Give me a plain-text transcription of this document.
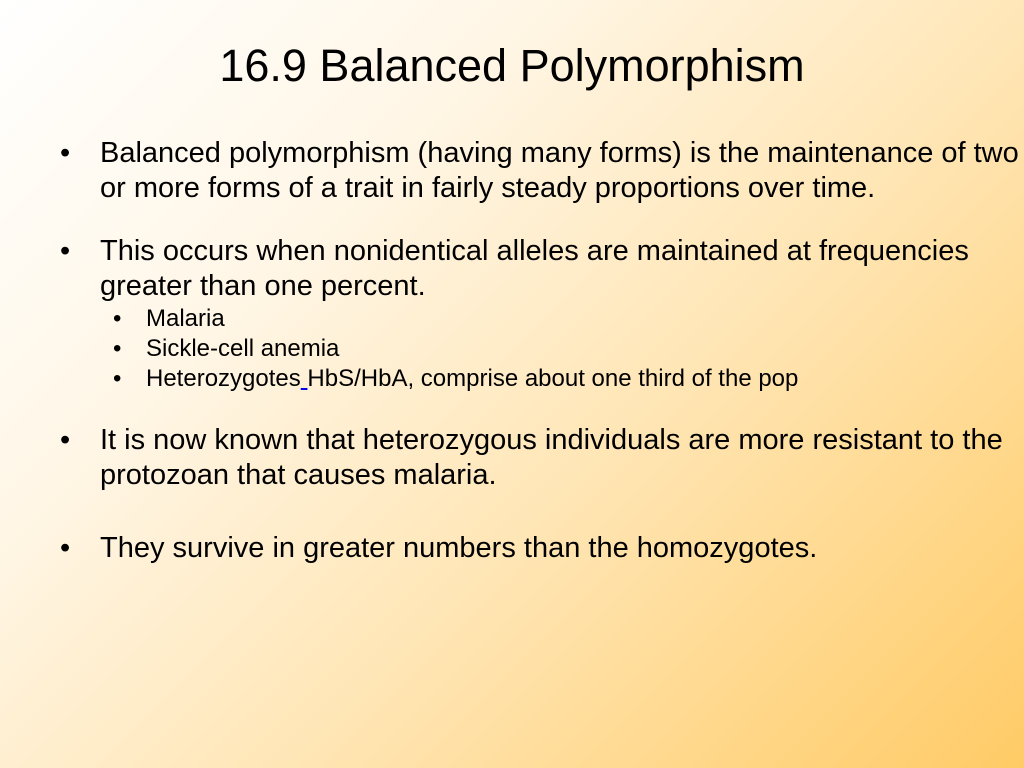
16.9 Balanced Polymorphism
• Balanced polymorphism (having many forms) is the maintenance of two or more forms of a trait in fairly steady proportions over time.
• This occurs when nonidentical alleles are maintained at frequencies greater than one percent.
• Malaria
• Sickle-cell anemia
• Heterozygotes HbS/HbA, comprise about one third of the pop
• It is now known that heterozygous individuals are more resistant to the protozoan that causes malaria.
• They survive in greater numbers than the homozygotes.
